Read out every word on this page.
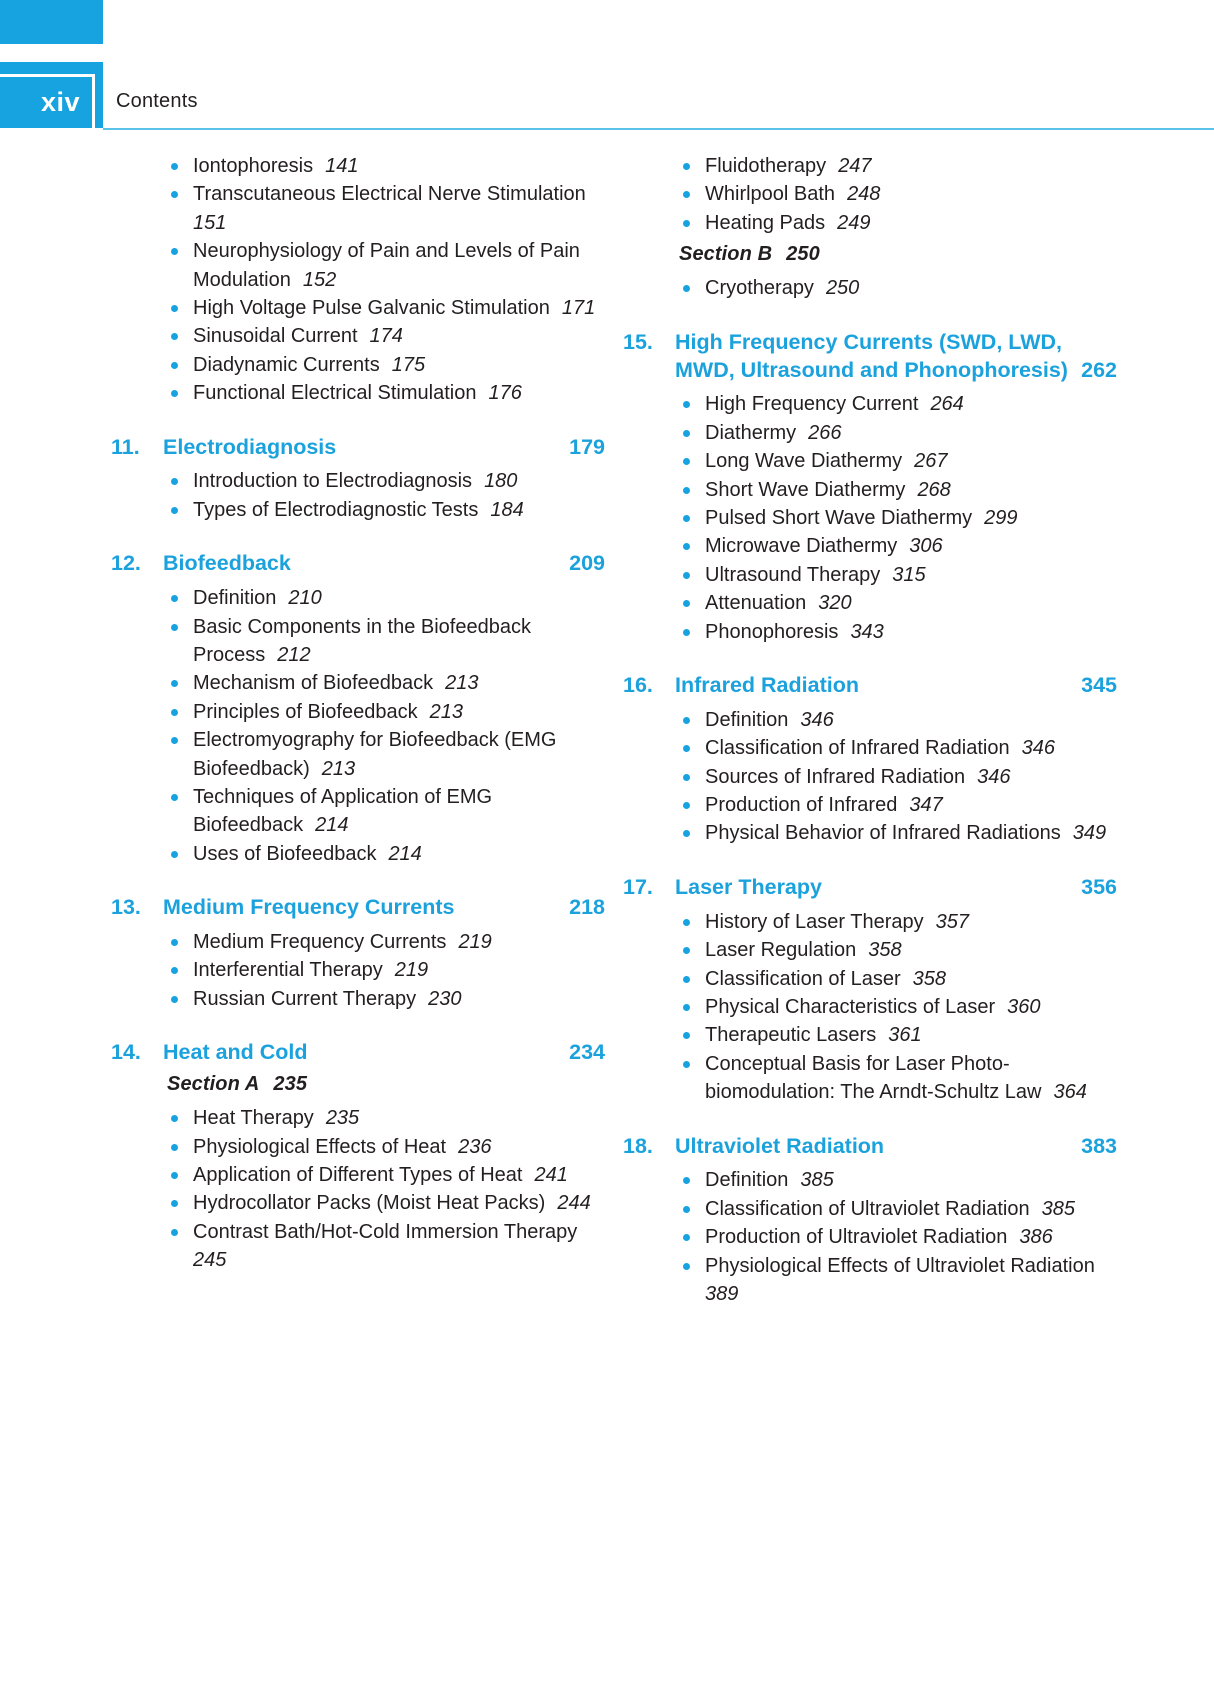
xiv Contents
Iontophoresis 141
Transcutaneous Electrical Nerve Stimulation151
Neurophysiology of Pain and Levels of Pain Modulation 152
High Voltage Pulse Galvanic Stimulation 171
Sinusoidal Current 174
Diadynamic Currents 175
Functional Electrical Stimulation 176
11.	Electrodiagnosis	179
Introduction to Electrodiagnosis 180
Types of Electrodiagnostic Tests 184
12.	Biofeedback	209
Definition 210
Basic Components in the Biofeedback Process 212
Mechanism of Biofeedback 213
Principles of Biofeedback 213
Electromyography for Biofeedback (EMG Biofeedback) 213
Techniques of Application of EMG Biofeedback 214
Uses of Biofeedback 214
13.	Medium Frequency Currents	218
Medium Frequency Currents 219
Interferential Therapy 219
Russian Current Therapy 230
14.	Heat and Cold	234
Section A 235
Heat Therapy 235
Physiological Effects of Heat 236
Application of Different Types of Heat 241
Hydrocollator Packs (Moist Heat Packs) 244
Contrast Bath/Hot-Cold Immersion Therapy245
Fluidotherapy 247
Whirlpool Bath 248
Heating Pads 249
Section B 250
Cryotherapy 250
15.	High Frequency Currents (SWD, LWD, MWD, Ultrasound and Phonophoresis) 262
High Frequency Current 264
Diathermy 266
Long Wave Diathermy 267
Short Wave Diathermy 268
Pulsed Short Wave Diathermy 299
Microwave Diathermy 306
Ultrasound Therapy 315
Attenuation 320
Phonophoresis 343
16.	Infrared Radiation	345
Definition 346
Classification of Infrared Radiation 346
Sources of Infrared Radiation 346
Production of Infrared 347
Physical Behavior of Infrared Radiations 349
17.	Laser Therapy	356
History of Laser Therapy 357
Laser Regulation 358
Classification of Laser 358
Physical Characteristics of Laser 360
Therapeutic Lasers 361
Conceptual Basis for Laser Photo-biomodulation: The Arndt-Schultz Law 364
18.	Ultraviolet Radiation	383
Definition 385
Classification of Ultraviolet Radiation 385
Production of Ultraviolet Radiation 386
Physiological Effects of Ultraviolet Radiation389
